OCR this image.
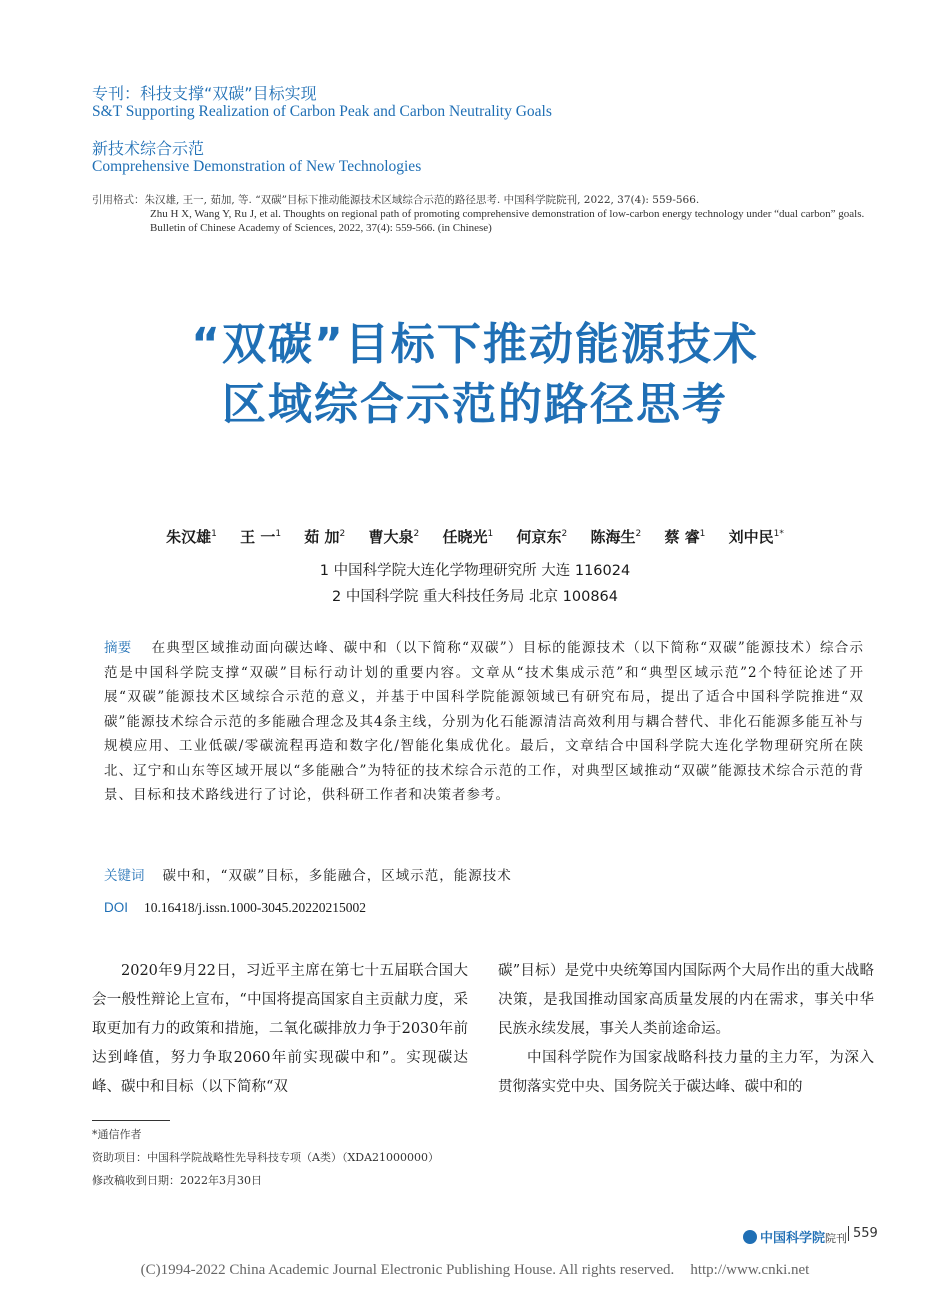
专刊：科技支撑“双碳”目标实现
S&T Supporting Realization of Carbon Peak and Carbon Neutrality Goals
新技术综合示范
Comprehensive Demonstration of New Technologies
引用格式：朱汉雄, 王一, 茹加, 等. “双碳”目标下推动能源技术区域综合示范的路径思考. 中国科学院院刊, 2022, 37(4): 559-566.
Zhu H X, Wang Y, Ru J, et al. Thoughts on regional path of promoting comprehensive demonstration of low-carbon energy technology under “dual carbon” goals. Bulletin of Chinese Academy of Sciences, 2022, 37(4): 559-566. (in Chinese)
“双碳”目标下推动能源技术
区域综合示范的路径思考
朱汉雄$^1$ 王 一$^1$ 茹 加$^2$ 曹大泉$^2$ 任晓光$^1$ 何京东$^2$ 陈海生$^2$ 蔡 睿$^1$ 刘中民$^{1*}$
1 中国科学院大连化学物理研究所 大连 116024
2 中国科学院 重大科技任务局 北京 100864
摘要 在典型区域推动面向碳达峰、碳中和（以下简称“双碳”）目标的能源技术（以下简称“双碳”能源技术）综合示范是中国科学院支撑“双碳”目标行动计划的重要内容。文章从“技术集成示范”和“典型区域示范”2个特征论述了开展“双碳”能源技术区域综合示范的意义，并基于中国科学院能源领域已有研究布局，提出了适合中国科学院推进“双碳”能源技术综合示范的多能融合理念及其4条主线，分别为化石能源清洁高效利用与耦合替代、非化石能源多能互补与规模应用、工业低碳/零碳流程再造和数字化/智能化集成优化。最后，文章结合中国科学院大连化学物理研究所在陕北、辽宁和山东等区域开展以“多能融合”为特征的技术综合示范的工作，对典型区域推动“双碳”能源技术综合示范的背景、目标和技术路线进行了讨论，供科研工作者和决策者参考。
关键词 碳中和，“双碳”目标，多能融合，区域示范，能源技术
DOI 10.16418/j.issn.1000-3045.20220215002

2020年9月22日，习近平主席在第七十五届联合国大会一般性辩论上宣布，“中国将提高国家自主贡献力度，采取更加有力的政策和措施，二氧化碳排放力争于2030年前达到峰值，努力争取2060年前实现碳中和”。实现碳达峰、碳中和目标（以下简称“双

碳”目标）是党中央统筹国内国际两个大局作出的重大战略决策，是我国推动国家高质量发展的内在需求，事关中华民族永续发展，事关人类前途命运。

中国科学院作为国家战略科技力量的主力军，为深入贯彻落实党中央、国务院关于碳达峰、碳中和的

*通信作者
资助项目：中国科学院战略性先导科技专项（A类）（XDA21000000）
修改稿收到日期：2022年3月30日
中国科学院院刊 559
(C)1994-2022 China Academic Journal Electronic Publishing House. All rights reserved. http://www.cnki.net
